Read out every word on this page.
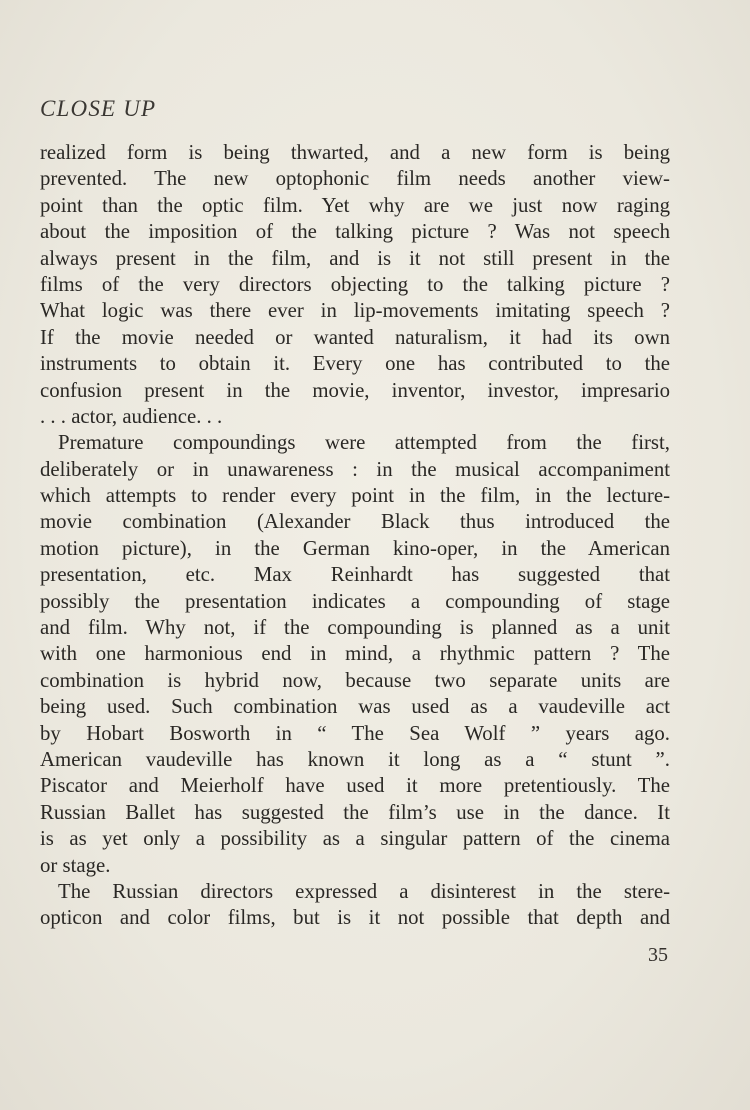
CLOSE UP
realized form is being thwarted, and a new form is being
prevented. The new optophonic film needs another view-
point than the optic film. Yet why are we just now raging
about the imposition of the talking picture ? Was not speech
always present in the film, and is it not still present in the
films of the very directors objecting to the talking picture ?
What logic was there ever in lip-movements imitating speech ?
If the movie needed or wanted naturalism, it had its own
instruments to obtain it. Every one has contributed to the
confusion present in the movie, inventor, investor, impresario
. . . actor, audience. . .
Premature compoundings were attempted from the first,
deliberately or in unawareness : in the musical accompaniment
which attempts to render every point in the film, in the lecture-
movie combination (Alexander Black thus introduced the
motion picture), in the German kino-oper, in the American
presentation, etc. Max Reinhardt has suggested that
possibly the presentation indicates a compounding of stage
and film. Why not, if the compounding is planned as a unit
with one harmonious end in mind, a rhythmic pattern ? The
combination is hybrid now, because two separate units are
being used. Such combination was used as a vaudeville act
by Hobart Bosworth in “ The Sea Wolf ” years ago.
American vaudeville has known it long as a “ stunt ”.
Piscator and Meierholf have used it more pretentiously. The
Russian Ballet has suggested the film’s use in the dance. It
is as yet only a possibility as a singular pattern of the cinema
or stage.
The Russian directors expressed a disinterest in the stere-
opticon and color films, but is it not possible that depth and
35
